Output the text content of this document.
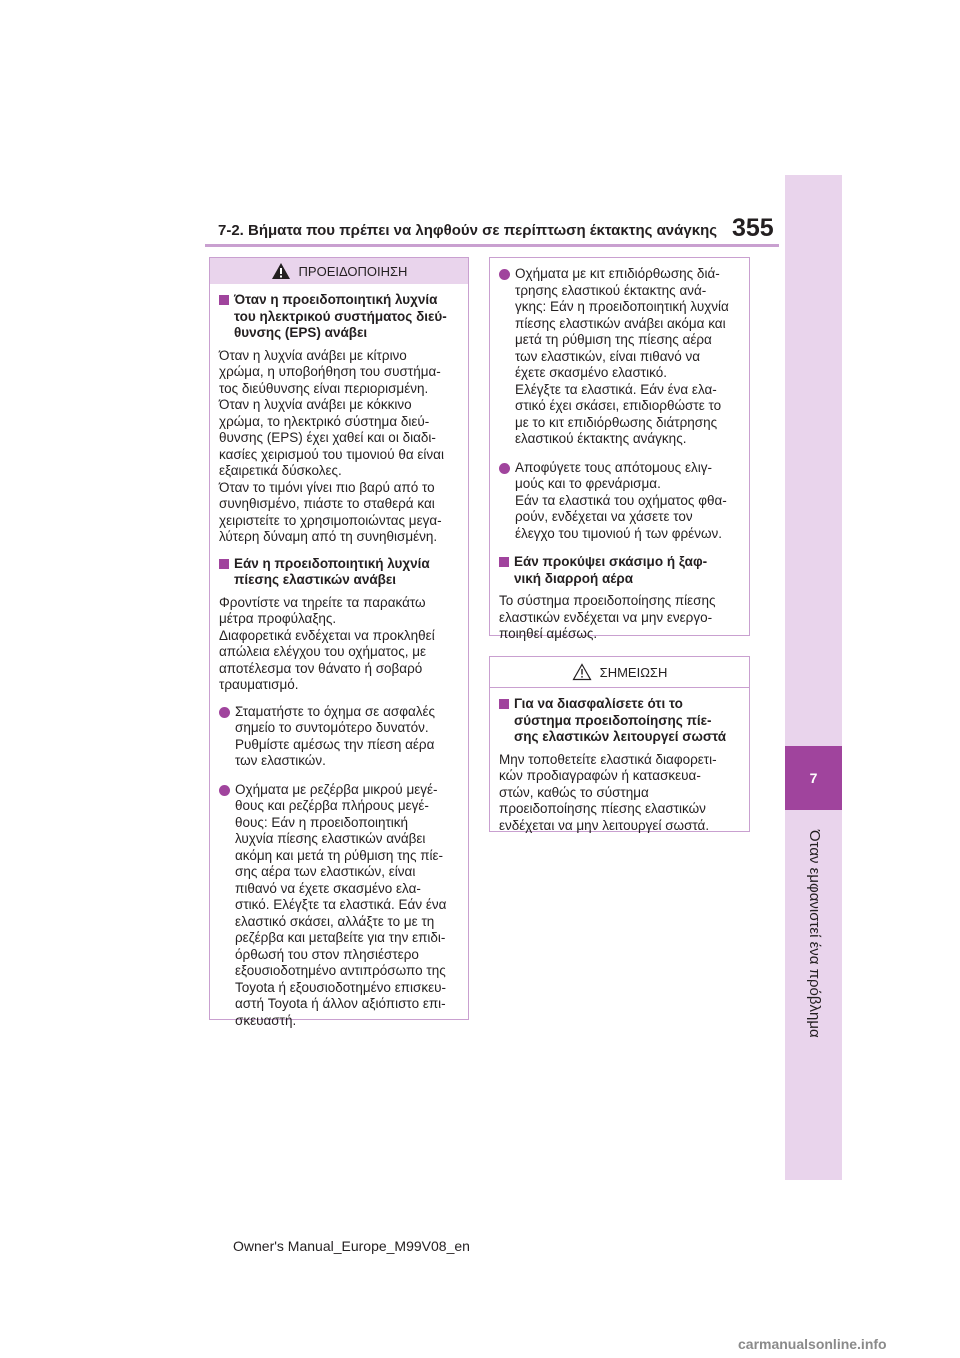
7-2. Βήματα που πρέπει να ληφθούν σε περίπτωση έκτακτης ανάγκης 355
7
Όταν εμφανιστεί ένα πρόβλημα
ΠΡΟΕΙΔΟΠΟΙΗΣΗ
Όταν η προειδοποιητική λυχνία του ηλεκτρικού συστήματος διεύ-
θυνσης (EPS) ανάβει
Όταν η λυχνία ανάβει με κίτρινο
χρώμα, η υποβοήθηση του συστήμα-
τος διεύθυνσης είναι περιορισμένη.
Όταν η λυχνία ανάβει με κόκκινο
χρώμα, το ηλεκτρικό σύστημα διεύ-
θυνσης (EPS) έχει χαθεί και οι διαδι-
κασίες χειρισμού του τιμονιού θα είναι
εξαιρετικά δύσκολες.
Όταν το τιμόνι γίνει πιο βαρύ από το
συνηθισμένο, πιάστε το σταθερά και
χειριστείτε το χρησιμοποιώντας μεγα-
λύτερη δύναμη από τη συνηθισμένη.
Εάν η προειδοποιητική λυχνία
πίεσης ελαστικών ανάβει
Φροντίστε να τηρείτε τα παρακάτω
μέτρα προφύλαξης.
Διαφορετικά ενδέχεται να προκληθεί
απώλεια ελέγχου του οχήματος, με
αποτέλεσμα τον θάνατο ή σοβαρό
τραυματισμό.
Σταματήστε το όχημα σε ασφαλές
σημείο το συντομότερο δυνατόν.
Ρυθμίστε αμέσως την πίεση αέρα
των ελαστικών.
Οχήματα με ρεζέρβα μικρού μεγέ-
θους και ρεζέρβα πλήρους μεγέ-
θους: Εάν η προειδοποιητική
λυχνία πίεσης ελαστικών ανάβει
ακόμη και μετά τη ρύθμιση της πίε-
σης αέρα των ελαστικών, είναι
πιθανό να έχετε σκασμένο ελα-
στικό. Ελέγξτε τα ελαστικά. Εάν ένα
ελαστικό σκάσει, αλλάξτε το με τη
ρεζέρβα και μεταβείτε για την επιδι-
όρθωσή του στον πλησιέστερο
εξουσιοδοτημένο αντιπρόσωπο της
Toyota ή εξουσιοδοτημένο επισκευ-
αστή Toyota ή άλλον αξιόπιστο επι-
σκευαστή.
Οχήματα με κιτ επιδιόρθωσης διά-
τρησης ελαστικού έκτακτης ανά-
γκης: Εάν η προειδοποιητική λυχνία
πίεσης ελαστικών ανάβει ακόμα και
μετά τη ρύθμιση της πίεσης αέρα
των ελαστικών, είναι πιθανό να
έχετε σκασμένο ελαστικό.
Ελέγξτε τα ελαστικά. Εάν ένα ελα-
στικό έχει σκάσει, επιδιορθώστε το
με το κιτ επιδιόρθωσης διάτρησης
ελαστικού έκτακτης ανάγκης.
Αποφύγετε τους απότομους ελιγ-
μούς και το φρενάρισμα.
Εάν τα ελαστικά του οχήματος φθα-
ρούν, ενδέχεται να χάσετε τον
έλεγχο του τιμονιού ή των φρένων.
Εάν προκύψει σκάσιμο ή ξαφ-
νική διαρροή αέρα
Το σύστημα προειδοποίησης πίεσης
ελαστικών ενδέχεται να μην ενεργο-
ποιηθεί αμέσως.
ΣΗΜΕΙΩΣΗ
Για να διασφαλίσετε ότι το
σύστημα προειδοποίησης πίε-
σης ελαστικών λειτουργεί σωστά
Μην τοποθετείτε ελαστικά διαφορετι-
κών προδιαγραφών ή κατασκευα-
στών, καθώς το σύστημα
προειδοποίησης πίεσης ελαστικών
ενδέχεται να μην λειτουργεί σωστά.
Owner's Manual_Europe_M99V08_en
carmanualsonline.info
